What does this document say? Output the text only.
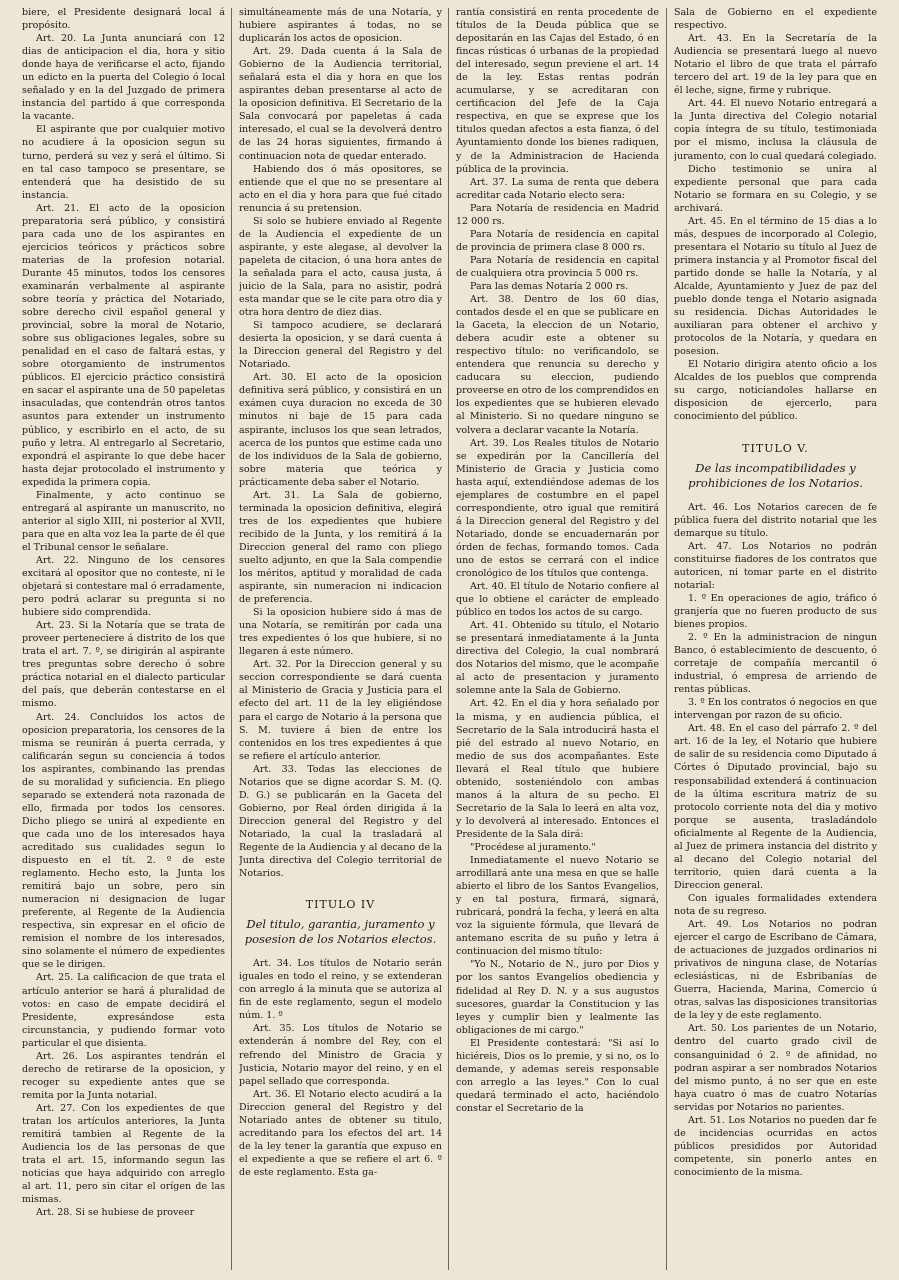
biere, el Presidente designará local á propósito.

Art. 20. La Junta anunciará con 12 dias de anticipacion el dia, hora y sitio donde haya de verificarse el acto, fijando un edicto en la puerta del Colegio ó local señalado y en la del Juzgado de primera instancia del partido á que corresponda la vacante.

El aspirante que por cualquier motivo no acudiere á la oposicion segun su turno, perderá su vez y será el último. Si en tal caso tampoco se presentare, se entenderá que ha desistido de su instancia.

Art. 21. El acto de la oposicion preparatoria será público, y consistirá para cada uno de los aspirantes en ejercicios teóricos y prácticos sobre materias de la profesion notarial. Durante 45 minutos, todos los censores examinarán verbalmente al aspirante sobre teoría y práctica del Notariado, sobre derecho civil español general y provincial, sobre la moral de Notario, sobre sus obligaciones legales, sobre su penalidad en el caso de faltará estas, y sobre otorgamiento de instrumentos públicos. El ejercicio práctico consistirá en sacar el aspirante una de 50 papeletas insaculadas, que contendrán otros tantos asuntos para extender un instrumento público, y escribirlo en el acto, de su puño y letra. Al entregarlo al Secretario, expondrá el aspirante lo que debe hacer hasta dejar protocolado el instrumento y expedida la primera copia.

Finalmente, y acto continuo se entregará al aspirante un manuscrito, no anterior al siglo XIII, ni posterior al XVII, para que en alta voz lea la parte de él que el Tribunal censor le señalare.

Art. 22. Ninguno de los censores excitará al opositor que no conteste, ni le objetará si contestare mal ó erradamente, pero podrá aclarar su pregunta si no hubiere sido comprendida.

Art. 23. Si la Notaría que se trata de proveer perteneciere á distrito de los que trata el art. 7. º, se dirigirán al aspirante tres preguntas sobre derecho ó sobre práctica notarial en el dialecto particular del país, que deberán contestarse en el mismo.

Art. 24. Concluidos los actos de oposicion preparatoria, los censores de la misma se reunirán á puerta cerrada, y calificarán segun su conciencia á todos los aspirantes, combinando las prendas de su moralidad y suficiencia. En pliego separado se extenderá nota razonada de ello, firmada por todos los censores. Dicho pliego se unirá al expediente en que cada uno de los interesados haya acreditado sus cualidades segun lo dispuesto en el tít. 2. º de este reglamento. Hecho esto, la Junta los remitirá bajo un sobre, pero sin numeracion ni designacion de lugar preferente, al Regente de la Audiencia respectiva, sin expresar en el oficio de remision el nombre de los interesados, sino solamente el número de expedientes que se le dirigen.

Art. 25. La calificacion de que trata el artículo anterior se hará á pluralidad de votos: en caso de empate decidirá el Presidente, expresándose esta circunstancia, y pudiendo formar voto particular el que disienta.

Art. 26. Los aspirantes tendrán el derecho de retirarse de la oposicion, y recoger su expediente antes que se remita por la Junta notarial.

Art. 27. Con los expedientes de que tratan los artículos anteriores, la Junta remitirá tambien al Regente de la Audiencia los de las personas de que trata el art. 15, informando segun las noticias que haya adquirido con arreglo al art. 11, pero sin citar el orígen de las mismas.

Art. 28. Si se hubiese de proveer

simultáneamente más de una Notaría, y hubiere aspirantes á todas, no se duplicarán los actos de oposicion.

Art. 29. Dada cuenta á la Sala de Gobierno de la Audiencia territorial, señalará esta el dia y hora en que los aspirantes deban presentarse al acto de la oposicion definitiva. El Secretario de la Sala convocará por papeletas á cada interesado, el cual se la devolverá dentro de las 24 horas siguientes, firmando á continuacion nota de quedar enterado.

Habiendo dos ó más opositores, se entiende que el que no se presentare al acto en el dia y hora para que fué citado renuncia á su pretension.

Si solo se hubiere enviado al Regente de la Audiencia el expediente de un aspirante, y este alegase, al devolver la papeleta de citacion, ó una hora antes de la señalada para el acto, causa justa, á juicio de la Sala, para no asistir, podrá esta mandar que se le cite para otro dia y otra hora dentro de diez dias.

Si tampoco acudiere, se declarará desierta la oposicion, y se dará cuenta á la Direccion general del Registro y del Notariado.

Art. 30. El acto de la oposicion definitiva será público, y consistirá en un exámen cuya duracion no exceda de 30 minutos ni baje de 15 para cada aspirante, inclusos los que sean letrados, acerca de los puntos que estime cada uno de los individuos de la Sala de gobierno, sobre materia que teórica y prácticamente deba saber el Notario.

Art. 31. La Sala de gobierno, terminada la oposicion definitiva, elegirá tres de los expedientes que hubiere recibido de la Junta, y los remitirá á la Direccion general del ramo con pliego suelto adjunto, en que la Sala compendie los méritos, aptitud y moralidad de cada aspirante, sin numeracion ni indicacion de preferencia.

Si la oposicion hubiere sido á mas de una Notaría, se remitirán por cada una tres expedientes ó los que hubiere, si no llegaren á este número.

Art. 32. Por la Direccion general y su seccion correspondiente se dará cuenta al Ministerio de Gracia y Justicia para el efecto del art. 11 de la ley eligiéndose para el cargo de Notario á la persona que S. M. tuviere á bien de entre los contenidos en los tres expedientes á que se refiere el artículo anterior.

Art. 33. Todas las elecciones de Notarios que se digne acordar S. M. (Q. D. G.) se publicarán en la Gaceta del Gobierno, por Real órden dirigida á la Direccion general del Registro y del Notariado, la cual la trasladará al Regente de la Audiencia y al decano de la Junta directiva del Colegio territorial de Notarios.

TITULO IV

Del titulo, garantia, juramento y posesion de los Notarios electos.

Art. 34. Los títulos de Notario serán iguales en todo el reino, y se extenderan con arreglo á la minuta que se autoriza al fin de este reglamento, segun el modelo núm. 1. º

Art. 35. Los títulos de Notario se extenderán á nombre del Rey, con el refrendo del Ministro de Gracia y Justicia, Notario mayor del reino, y en el papel sellado que corresponda.

Art. 36. El Notario electo acudirá a la Direccion general del Registro y del Notariado antes de obtener su titulo, acreditando para los efectos del art. 14 de la ley tener la garantía que expuso en el expediente a que se refiere el art 6. º de este reglamento. Esta ga-

rantía consistirá en renta procedente de títulos de la Deuda pública que se depositarán en las Cajas del Estado, ó en fincas rústicas ó urbanas de la propiedad del interesado, segun previene el art. 14 de la ley. Estas rentas podrán acumularse, y se acreditaran con certificacion del Jefe de la Caja respectiva, en que se exprese que los titulos quedan afectos a esta fianza, ó del Ayuntamiento donde los bienes radiquen, y de la Administracion de Hacienda pública de la provincia.

Art. 37. La suma de renta que debera acreditar cada Notario electo sera:

Para Notaría de residencia en Madrid 12 000 rs.

Para Notaría de residencia en capital de provincia de primera clase 8 000 rs.

Para Notaría de residencia en capital de cualquiera otra provincia 5 000 rs.

Para las demas Notaría 2 000 rs.

Art. 38. Dentro de los 60 dias, contados desde el en que se publicare en la Gaceta, la eleccion de un Notario, debera acudir este a obtener su respectivo título: no verificandolo, se entendera que renuncia su derecho y caducara su eleccion, pudiendo proveerse en otro de los comprendidos en los expedientes que se hubieren elevado al Ministerio. Si no quedare ninguno se volvera a declarar vacante la Notaría.

Art. 39. Los Reales títulos de Notario se expedirán por la Cancillería del Ministerio de Gracia y Justicia como hasta aquí, extendiéndose ademas de los ejemplares de costumbre en el papel correspondiente, otro igual que remitirá á la Direccion general del Registro y del Notariado, donde se encuadernarán por órden de fechas, formando tomos. Cada uno de estos se cerrará con el indice cronológico de los títulos que contenga.

Art. 40. El título de Notario confiere al que lo obtiene el carácter de empleado público en todos los actos de su cargo.

Art. 41. Obtenido su título, el Notario se presentará inmediatamente á la Junta directiva del Colegio, la cual nombrará dos Notarios del mismo, que le acompañe al acto de presentacion y juramento solemne ante la Sala de Gobierno.

Art. 42. En el dia y hora señalado por la misma, y en audiencia pública, el Secretario de la Sala introducirá hasta el pié del estrado al nuevo Notario, en medio de sus dos acompañantes. Este llevará el Real título que hubiere obtenido, sosteniéndolo con ambas manos á la altura de su pecho. El Secretario de la Sala lo leerá en alta voz, y lo devolverá al interesado. Entonces el Presidente de la Sala dirá:

"Procédese al juramento."

Inmediatamente el nuevo Notario se arrodillará ante una mesa en que se halle abierto el libro de los Santos Evangelios, y en tal postura, firmará, signará, rubricará, pondrá la fecha, y leerá en alta voz la siguiente fórmula, que llevará de antemano escrita de su puño y letra á continuacion del mismo título:

"Yo N., Notario de N., juro por Dios y por los santos Evangelios obediencia y fidelidad al Rey D. N. y a sus augustos sucesores, guardar la Constitucion y las leyes y cumplir bien y lealmente las obligaciones de mi cargo."

El Presidente contestará: "Si así lo hiciéreis, Dios os lo premie, y si no, os lo demande, y ademas sereis responsable con arreglo a las leyes." Con lo cual quedará terminado el acto, haciéndolo constar el Secretario de la

Sala de Gobierno en el expediente respectivo.

Art. 43. En la Secretaría de la Audiencia se presentará luego al nuevo Notario el libro de que trata el párrafo tercero del art. 19 de la ley para que en él leche, signe, firme y rubrique.

Art. 44. El nuevo Notario entregará a la Junta directiva del Colegio notarial copia íntegra de su título, testimoniada por el mismo, inclusa la cláusula de juramento, con lo cual quedará colegiado.

Dicho testimonio se unira al expediente personal que para cada Notario se formara en su Colegio, y se archivará.

Art. 45. En el término de 15 dias a lo más, despues de incorporado al Colegio, presentara el Notario su título al Juez de primera instancia y al Promotor fiscal del partido donde se halle la Notaría, y al Alcalde, Ayuntamiento y Juez de paz del pueblo donde tenga el Notario asignada su residencia. Dichas Autoridades le auxiliaran para obtener el archivo y protocolos de la Notaría, y quedara en posesion.

El Notario dirigira atento oficio a los Alcaldes de los pueblos que comprenda su cargo, noticiandoles hallarse en disposicion de ejercerlo, para conocimiento del público.

TITULO V.

De las incompatibilidades y prohibiciones de los Notarios.

Art. 46. Los Notarios carecen de fe pública fuera del distrito notarial que les demarque su título.

Art. 47. Los Notarios no podrán constituirse fiadores de los contratos que autoricen, ni tomar parte en el distrito notarial:

1. º En operaciones de agio, tráfico ó granjería que no fueren producto de sus bienes propios.

2. º En la administracion de ningun Banco, ó establecimiento de descuento, ó corretaje de compañía mercantil ó industrial, ó empresa de arriendo de rentas públicas.

3. º En los contratos ó negocios en que intervengan por razon de su oficio.

Art. 48. En el caso del párrafo 2. º del art. 16 de la ley, el Notario que hubiere de salir de su residencia como Diputado á Córtes ó Diputado provincial, bajo su responsabilidad extenderá á continuacion de la última escritura matriz de su protocolo corriente nota del dia y motivo porque se ausenta, trasladándolo oficialmente al Regente de la Audiencia, al Juez de primera instancia del distrito y al decano del Colegio notarial del territorio, quien dará cuenta a la Direccion general.

Con iguales formalidades extendera nota de su regreso.

Art. 49. Los Notarios no podran ejercer el cargo de Escribano de Cámara, de actuaciones de juzgados ordinarios ni privativos de ninguna clase, de Notarías eclesiásticas, ni de Esbribanías de Guerra, Hacienda, Marina, Comercio ú otras, salvas las disposiciones transitorias de la ley y de este reglamento.

Art. 50. Los parientes de un Notario, dentro del cuarto grado civil de consanguinidad ó 2. º de afinidad, no podran aspirar a ser nombrados Notarios del mismo punto, á no ser que en este haya cuatro ó mas de cuatro Notarías servidas por Notarios no parientes.

Art. 51. Los Notarios no pueden dar fe de incidencias ocurridas en actos públicos presididos por Autoridad competente, sin ponerlo antes en conocimiento de la misma.
